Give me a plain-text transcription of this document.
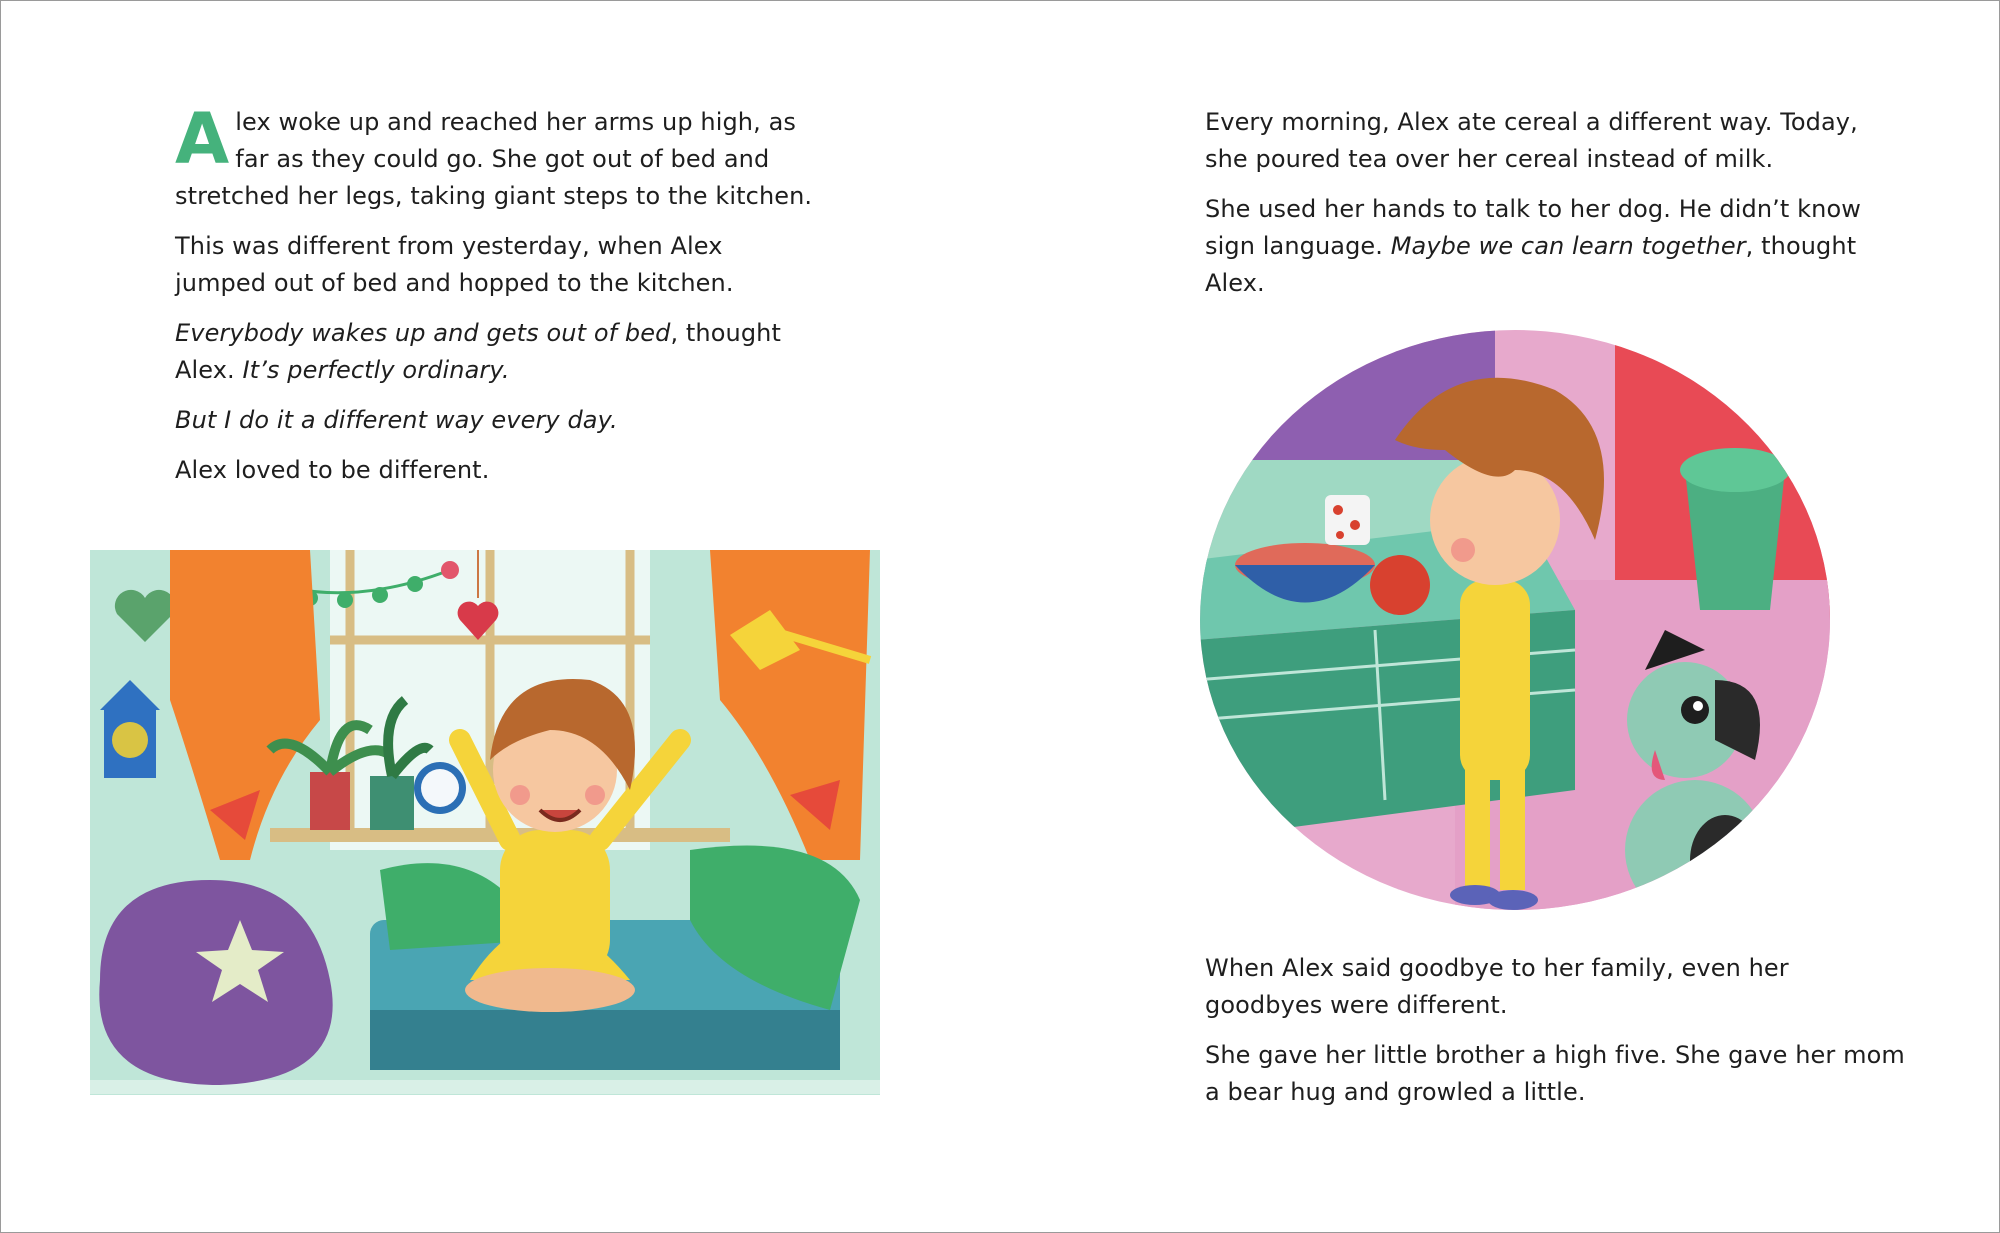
Alex woke up and reached her arms up high, as far as they could go. She got out of bed and stretched her legs, taking giant steps to the kitchen.

This was different from yesterday, when Alex jumped out of bed and hopped to the kitchen.

Everybody wakes up and gets out of bed, thought Alex. It’s perfectly ordinary.

But I do it a different way every day.

Alex loved to be different.

Every morning, Alex ate cereal a different way. Today, she poured tea over her cereal instead of milk.

She used her hands to talk to her dog. He didn’t know sign language. Maybe we can learn together, thought Alex.

When Alex said goodbye to her family, even her goodbyes were different.

She gave her little brother a high five. She gave her mom a bear hug and growled a little.
